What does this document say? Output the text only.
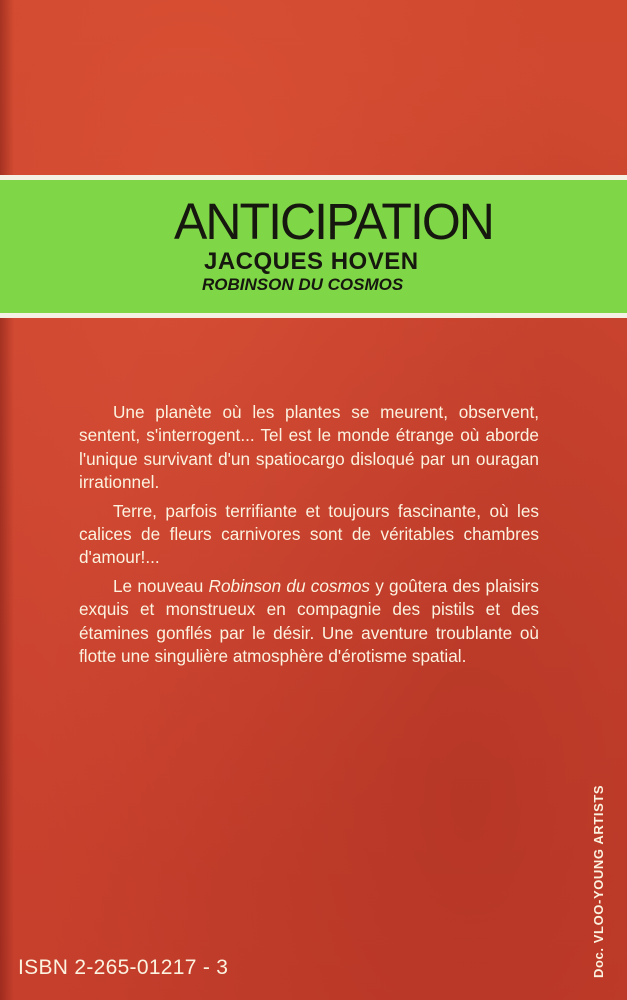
ANTICIPATION
JACQUES HOVEN
ROBINSON DU COSMOS

Une planète où les plantes se meurent, observent, sentent, s'interrogent... Tel est le monde étrange où aborde l'unique survivant d'un spatiocargo disloqué par un ouragan irrationnel.

Terre, parfois terrifiante et toujours fascinante, où les calices de fleurs carnivores sont de véritables chambres d'amour!...

Le nouveau Robinson du cosmos y goûtera des plaisirs exquis et monstrueux en compagnie des pistils et des étamines gonflés par le désir. Une aventure troublante où flotte une singulière atmosphère d'érotisme spatial.

ISBN 2-265-01217 - 3	Doc. VLOO-YOUNG ARTISTS
